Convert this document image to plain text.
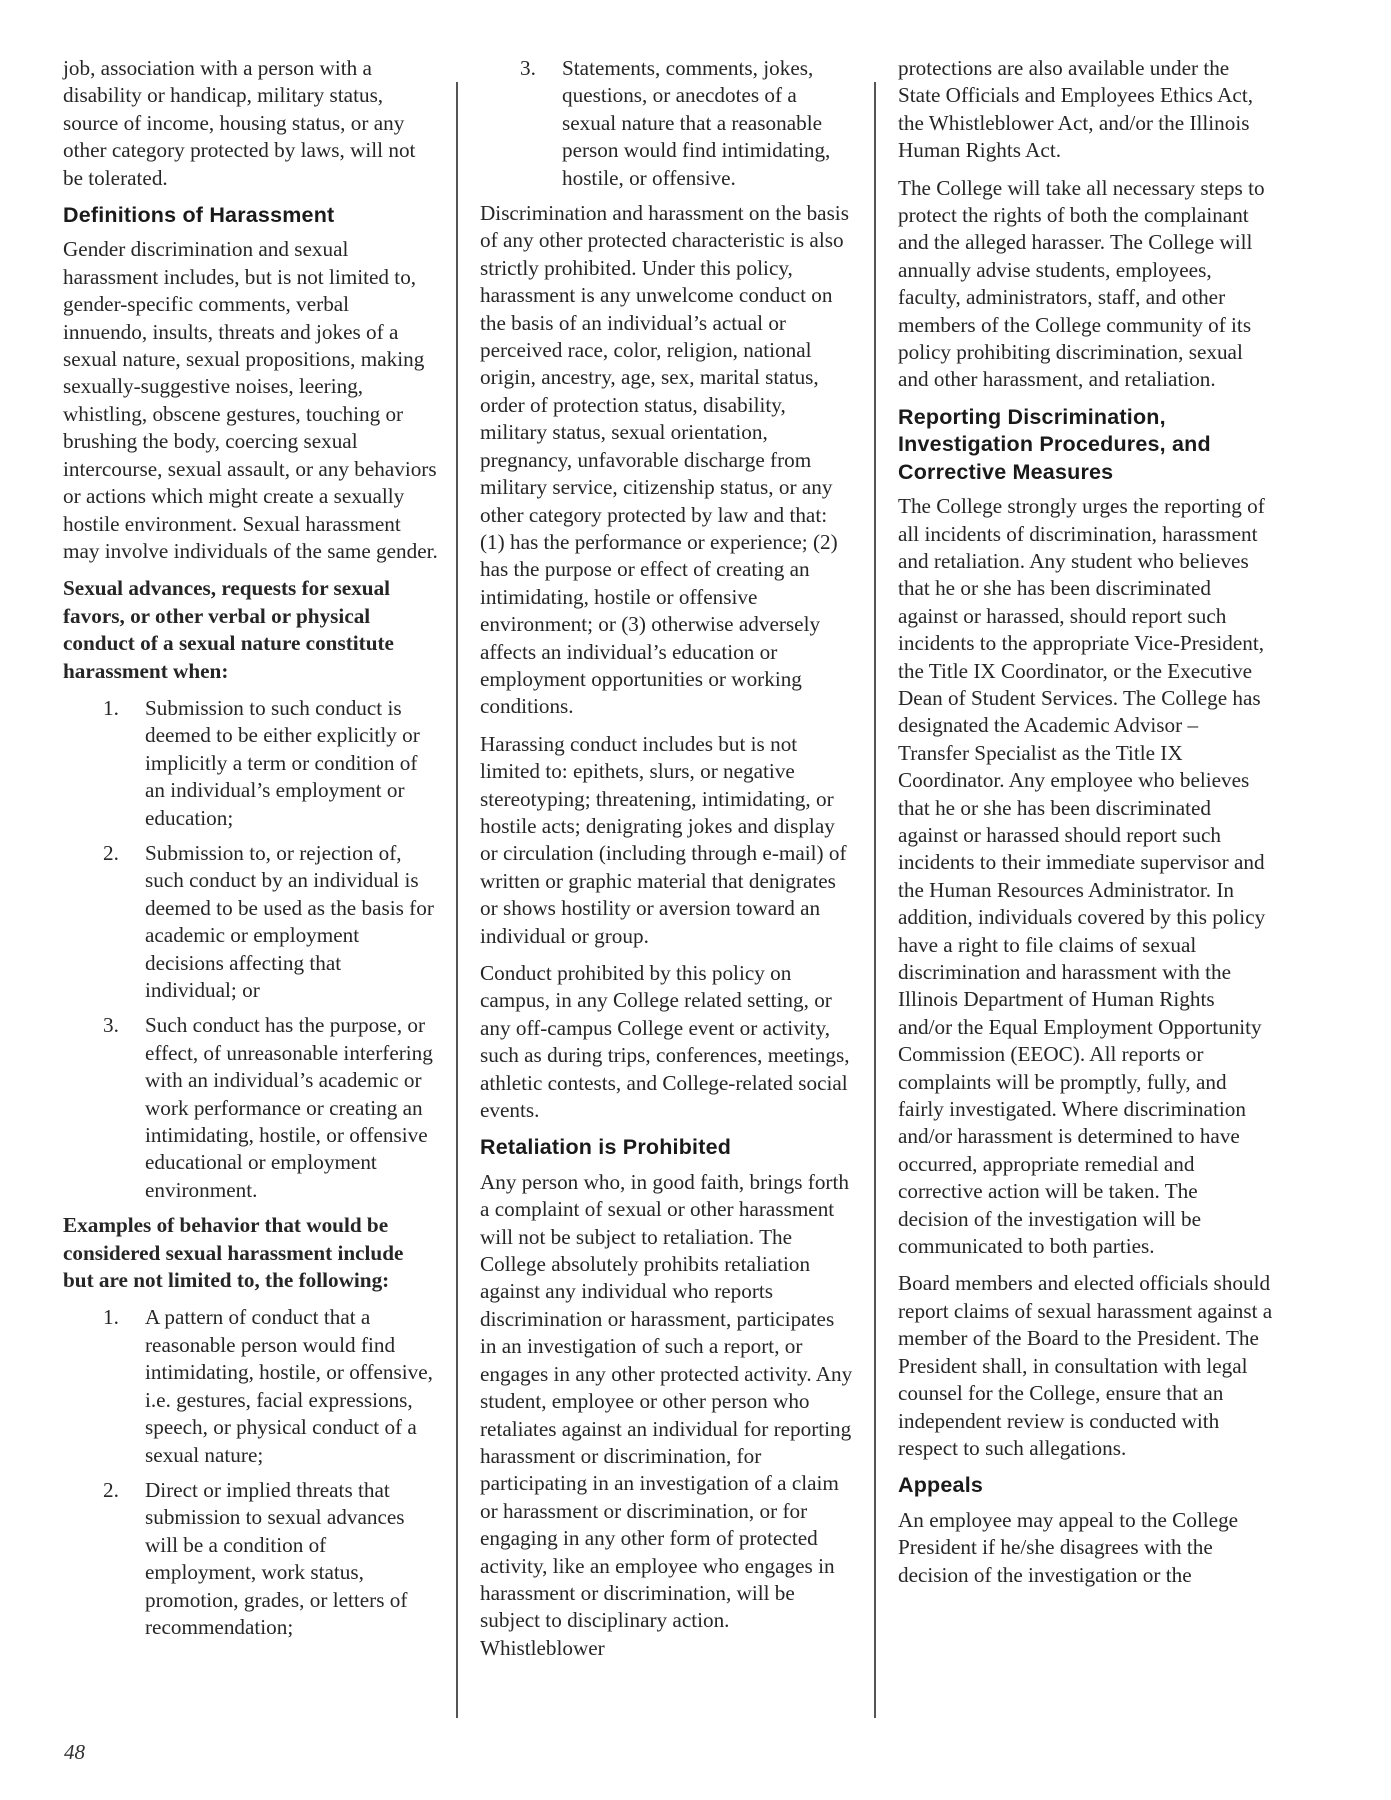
job, association with a person with a disability or handicap, military status, source of income, housing status, or any other category protected by laws, will not be tolerated.

Definitions of Harassment

Gender discrimination and sexual harassment includes, but is not limited to, gender-specific comments, verbal innuendo, insults, threats and jokes of a sexual nature, sexual propositions, making sexually-suggestive noises, leering, whistling, obscene gestures, touching or brushing the body, coercing sexual intercourse, sexual assault, or any behaviors or actions which might create a sexually hostile environment. Sexual harassment may involve individuals of the same gender.

Sexual advances, requests for sexual favors, or other verbal or physical conduct of a sexual nature constitute harassment when:

1. Submission to such conduct is deemed to be either explicitly or implicitly a term or condition of an individual’s employment or education;
2. Submission to, or rejection of, such conduct by an individual is deemed to be used as the basis for academic or employment decisions affecting that individual; or
3. Such conduct has the purpose, or effect, of unreasonable interfering with an individual’s academic or work performance or creating an intimidating, hostile, or offensive educational or employment environment.

Examples of behavior that would be considered sexual harassment include but are not limited to, the following:

1. A pattern of conduct that a reasonable person would find intimidating, hostile, or offensive, i.e. gestures, facial expressions, speech, or physical conduct of a sexual nature;
2. Direct or implied threats that submission to sexual advances will be a condition of employment, work status, promotion, grades, or letters of recommendation;
3. Statements, comments, jokes, questions, or anecdotes of a sexual nature that a reasonable person would find intimidating, hostile, or offensive.

Discrimination and harassment on the basis of any other protected characteristic is also strictly prohibited. Under this policy, harassment is any unwelcome conduct on the basis of an individual’s actual or perceived race, color, religion, national origin, ancestry, age, sex, marital status, order of protection status, disability, military status, sexual orientation, pregnancy, unfavorable discharge from military service, citizenship status, or any other category protected by law and that: (1) has the performance or experience; (2) has the purpose or effect of creating an intimidating, hostile or offensive environment; or (3) otherwise adversely affects an individual’s education or employment opportunities or working conditions.

Harassing conduct includes but is not limited to: epithets, slurs, or negative stereotyping; threatening, intimidating, or hostile acts; denigrating jokes and display or circulation (including through e-mail) of written or graphic material that denigrates or shows hostility or aversion toward an individual or group.

Conduct prohibited by this policy on campus, in any College related setting, or any off-campus College event or activity, such as during trips, conferences, meetings, athletic contests, and College-related social events.

Retaliation is Prohibited

Any person who, in good faith, brings forth a complaint of sexual or other harassment will not be subject to retaliation. The College absolutely prohibits retaliation against any individual who reports discrimination or harassment, participates in an investigation of such a report, or engages in any other protected activity. Any student, employee or other person who retaliates against an individual for reporting harassment or discrimination, for participating in an investigation of a claim or harassment or discrimination, or for engaging in any other form of protected activity, like an employee who engages in harassment or discrimination, will be subject to disciplinary action. Whistleblower

protections are also available under the State Officials and Employees Ethics Act, the Whistleblower Act, and/or the Illinois Human Rights Act.

The College will take all necessary steps to protect the rights of both the complainant and the alleged harasser. The College will annually advise students, employees, faculty, administrators, staff, and other members of the College community of its policy prohibiting discrimination, sexual and other harassment, and retaliation.

Reporting Discrimination, Investigation Procedures, and Corrective Measures

The College strongly urges the reporting of all incidents of discrimination, harassment and retaliation. Any student who believes that he or she has been discriminated against or harassed, should report such incidents to the appropriate Vice-President, the Title IX Coordinator, or the Executive Dean of Student Services. The College has designated the Academic Advisor – Transfer Specialist as the Title IX Coordinator. Any employee who believes that he or she has been discriminated against or harassed should report such incidents to their immediate supervisor and the Human Resources Administrator. In addition, individuals covered by this policy have a right to file claims of sexual discrimination and harassment with the Illinois Department of Human Rights and/or the Equal Employment Opportunity Commission (EEOC). All reports or complaints will be promptly, fully, and fairly investigated. Where discrimination and/or harassment is determined to have occurred, appropriate remedial and corrective action will be taken. The decision of the investigation will be communicated to both parties.

Board members and elected officials should report claims of sexual harassment against a member of the Board to the President. The President shall, in consultation with legal counsel for the College, ensure that an independent review is conducted with respect to such allegations.

Appeals

An employee may appeal to the College President if he/she disagrees with the decision of the investigation or the

48
